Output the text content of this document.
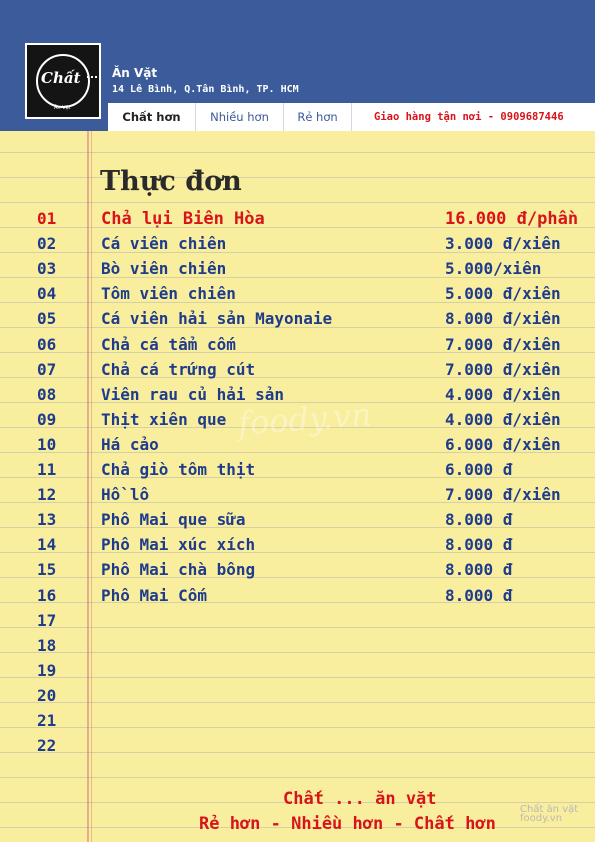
Chất
Ăn Vặt
Ăn Vặt
14 Lê Bình, Q.Tân Bình, TP. HCM
Chất hơn	Nhiều hơn	Rẻ hơn	Giao hàng tận nơi - 0909687446
foody.vn
Thực đơn
01	Chả lụi Biên Hòa	16.000 đ/phần
02	Cá viên chiên	3.000 đ/xiên
03	Bò viên chiên	5.000/xiên
04	Tôm viên chiên	5.000 đ/xiên
05	Cá viên hải sản Mayonaie	8.000 đ/xiên
06	Chả cá tẩm cốm	7.000 đ/xiên
07	Chả cá trứng cút	7.000 đ/xiên
08	Viên rau củ hải sản	4.000 đ/xiên
09	Thịt xiên que	4.000 đ/xiên
10	Há cảo	6.000 đ/xiên
11	Chả giò tôm thịt	6.000 đ
12	Hồ lô	7.000 đ/xiên
13	Phô Mai que sữa	8.000 đ
14	Phô Mai xúc xích	8.000 đ
15	Phô Mai chà bông	8.000 đ
16	Phô Mai Cốm	8.000 đ
17
18
19
20
21
22
Chất ... ăn vặt
Rẻ hơn - Nhiều hơn - Chất hơn
Chất ăn vặt
foody.vn
